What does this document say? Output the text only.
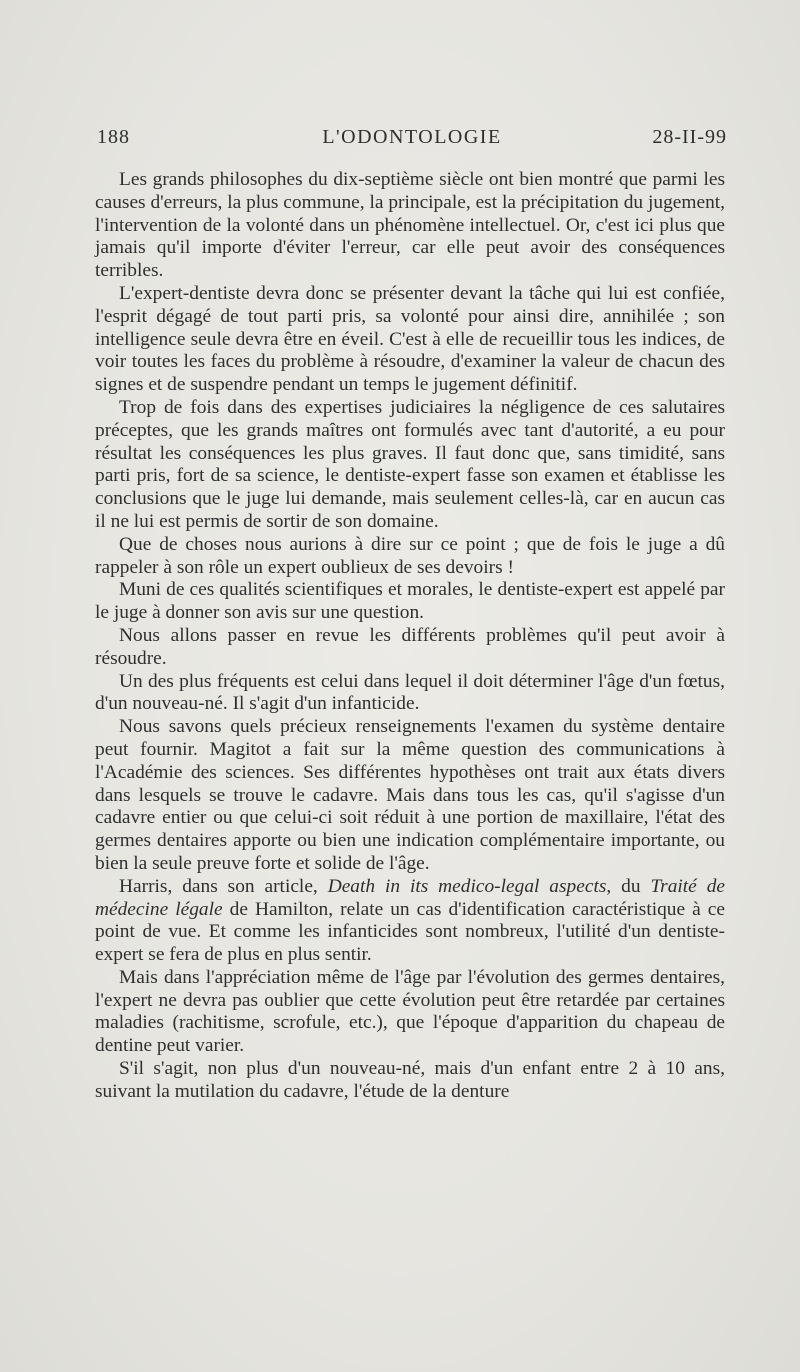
188	L'ODONTOLOGIE	28-II-99

Les grands philosophes du dix-septième siècle ont bien montré que parmi les causes d'erreurs, la plus commune, la principale, est la précipitation du jugement, l'intervention de la volonté dans un phénomène intellectuel. Or, c'est ici plus que jamais qu'il importe d'éviter l'erreur, car elle peut avoir des conséquences terribles.

L'expert-dentiste devra donc se présenter devant la tâche qui lui est confiée, l'esprit dégagé de tout parti pris, sa volonté pour ainsi dire, annihilée ; son intelligence seule devra être en éveil. C'est à elle de recueillir tous les indices, de voir toutes les faces du problème à résoudre, d'examiner la valeur de chacun des signes et de suspendre pendant un temps le jugement définitif.

Trop de fois dans des expertises judiciaires la négligence de ces salutaires préceptes, que les grands maîtres ont formulés avec tant d'autorité, a eu pour résultat les conséquences les plus graves. Il faut donc que, sans timidité, sans parti pris, fort de sa science, le dentiste-expert fasse son examen et établisse les conclusions que le juge lui demande, mais seulement celles-là, car en aucun cas il ne lui est permis de sortir de son domaine.

Que de choses nous aurions à dire sur ce point ; que de fois le juge a dû rappeler à son rôle un expert oublieux de ses devoirs !

Muni de ces qualités scientifiques et morales, le dentiste-expert est appelé par le juge à donner son avis sur une question.

Nous allons passer en revue les différents problèmes qu'il peut avoir à résoudre.

Un des plus fréquents est celui dans lequel il doit déterminer l'âge d'un fœtus, d'un nouveau-né. Il s'agit d'un infanticide.

Nous savons quels précieux renseignements l'examen du système dentaire peut fournir. Magitot a fait sur la même question des communications à l'Académie des sciences. Ses différentes hypothèses ont trait aux états divers dans lesquels se trouve le cadavre. Mais dans tous les cas, qu'il s'agisse d'un cadavre entier ou que celui-ci soit réduit à une portion de maxillaire, l'état des germes dentaires apporte ou bien une indication complémentaire importante, ou bien la seule preuve forte et solide de l'âge.

Harris, dans son article, Death in its medico-legal aspects, du Traité de médecine légale de Hamilton, relate un cas d'identification caractéristique à ce point de vue. Et comme les infanticides sont nombreux, l'utilité d'un dentiste-expert se fera de plus en plus sentir.

Mais dans l'appréciation même de l'âge par l'évolution des germes dentaires, l'expert ne devra pas oublier que cette évolution peut être retardée par certaines maladies (rachitisme, scrofule, etc.), que l'époque d'apparition du chapeau de dentine peut varier.

S'il s'agit, non plus d'un nouveau-né, mais d'un enfant entre 2 à 10 ans, suivant la mutilation du cadavre, l'étude de la denture
